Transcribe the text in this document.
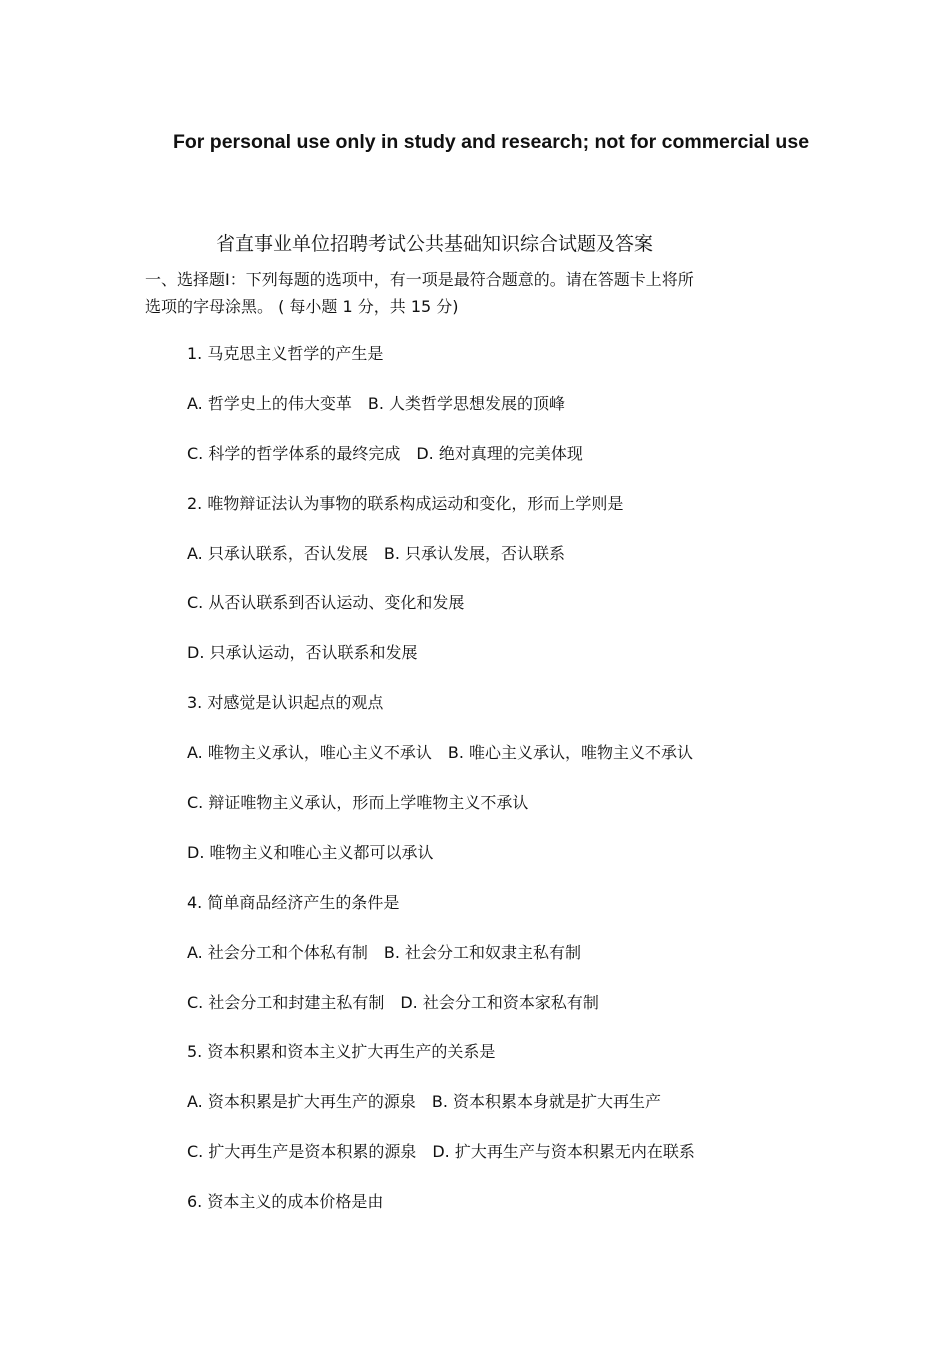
For personal use only in study and research; not for commercial use
省直事业单位招聘考试公共基础知识综合试题及答案
一、选择题Ⅰ：下列每题的选项中，有一项是最符合题意的。请在答题卡上将所
选项的字母涂黑。 ( 每小题 1 分，共 15 分)
1. 马克思主义哲学的产生是
A. 哲学史上的伟大变革 B. 人类哲学思想发展的顶峰
C. 科学的哲学体系的最终完成 D. 绝对真理的完美体现
2. 唯物辩证法认为事物的联系构成运动和变化，形而上学则是
A. 只承认联系，否认发展 B. 只承认发展，否认联系
C. 从否认联系到否认运动、变化和发展
D. 只承认运动，否认联系和发展
3. 对感觉是认识起点的观点
A. 唯物主义承认，唯心主义不承认 B. 唯心主义承认，唯物主义不承认
C. 辩证唯物主义承认，形而上学唯物主义不承认
D. 唯物主义和唯心主义都可以承认
4. 简单商品经济产生的条件是
A. 社会分工和个体私有制 B. 社会分工和奴隶主私有制
C. 社会分工和封建主私有制 D. 社会分工和资本家私有制
5. 资本积累和资本主义扩大再生产的关系是
A. 资本积累是扩大再生产的源泉 B. 资本积累本身就是扩大再生产
C. 扩大再生产是资本积累的源泉 D. 扩大再生产与资本积累无内在联系
6. 资本主义的成本价格是由
